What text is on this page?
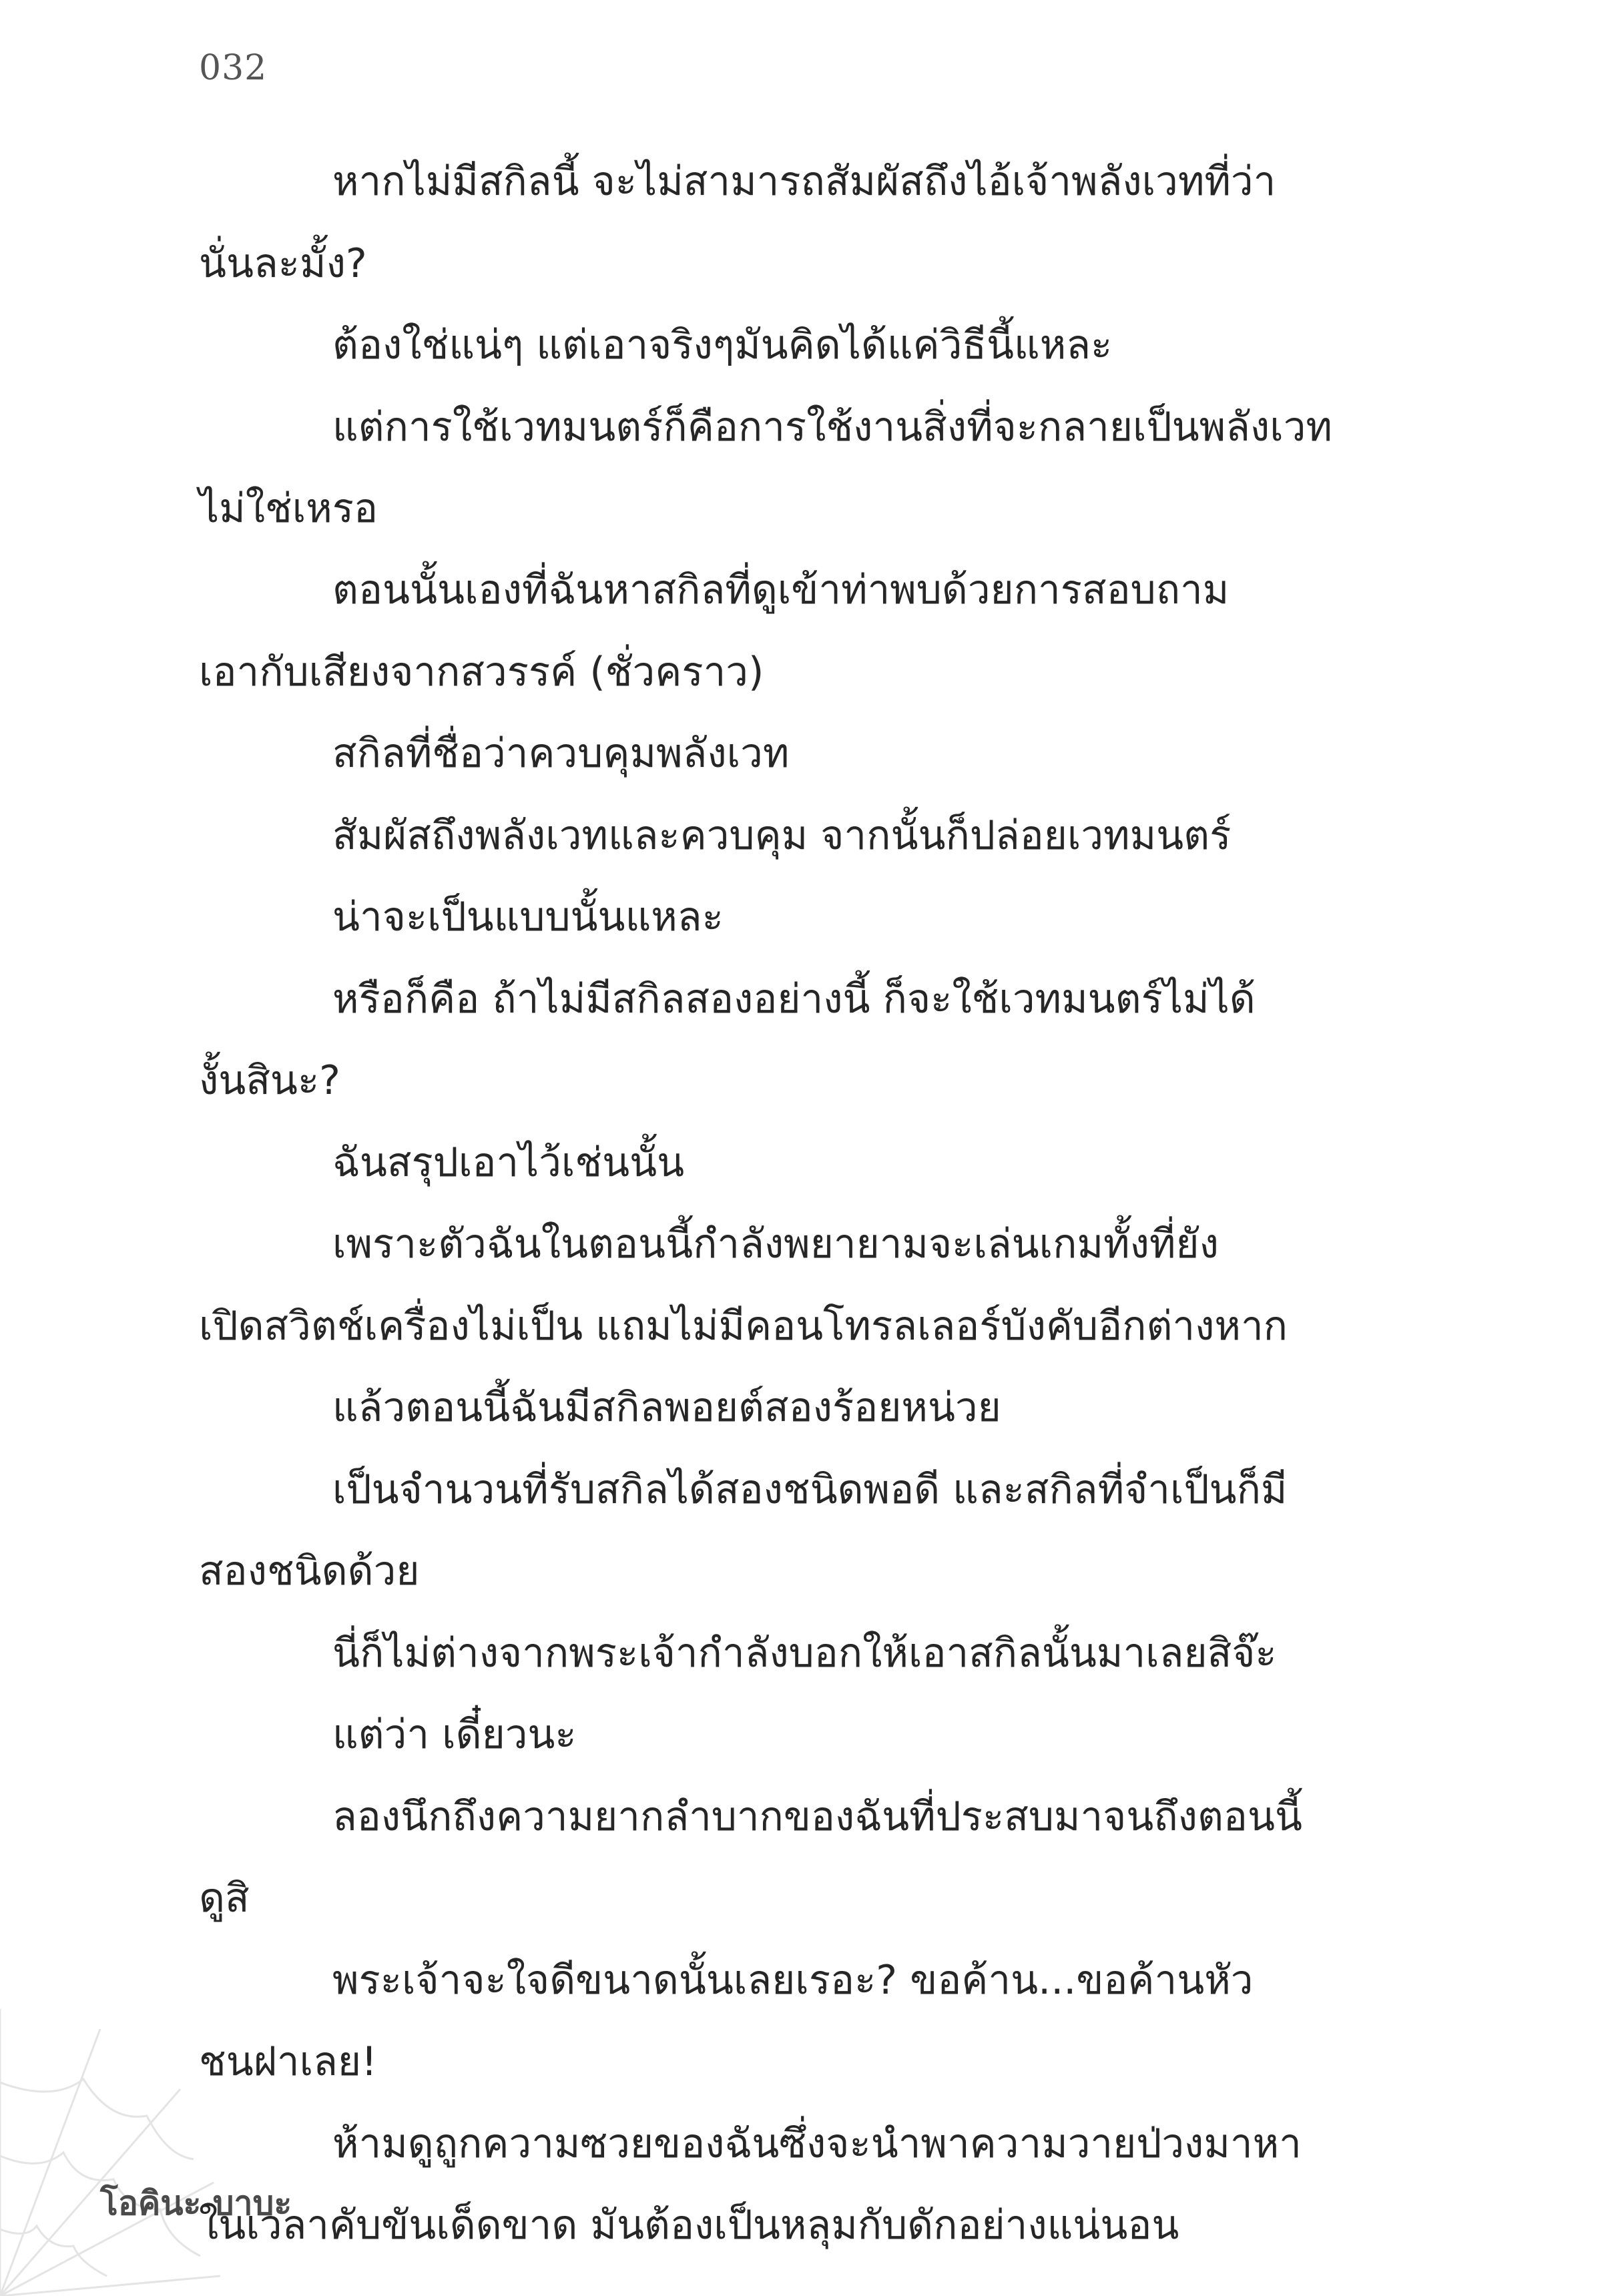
032
หากไม่มีสกิลนี้ จะไม่สามารถสัมผัสถึงไอ้เจ้าพลังเวทที่ว่า
นั่นละมั้ง?
ต้องใช่แน่ๆ แต่เอาจริงๆมันคิดได้แค่วิธีนี้แหละ
แต่การใช้เวทมนตร์ก็คือการใช้งานสิ่งที่จะกลายเป็นพลังเวท
ไม่ใช่เหรอ
ตอนนั้นเองที่ฉันหาสกิลที่ดูเข้าท่าพบด้วยการสอบถาม
เอากับเสียงจากสวรรค์ (ชั่วคราว)
สกิลที่ชื่อว่าควบคุมพลังเวท
สัมผัสถึงพลังเวทและควบคุม จากนั้นก็ปล่อยเวทมนตร์
น่าจะเป็นแบบนั้นแหละ
หรือก็คือ ถ้าไม่มีสกิลสองอย่างนี้ ก็จะใช้เวทมนตร์ไม่ได้
งั้นสินะ?
ฉันสรุปเอาไว้เช่นนั้น
เพราะตัวฉันในตอนนี้กำลังพยายามจะเล่นเกมทั้งที่ยัง
เปิดสวิตช์เครื่องไม่เป็น แถมไม่มีคอนโทรลเลอร์บังคับอีกต่างหาก
แล้วตอนนี้ฉันมีสกิลพอยต์สองร้อยหน่วย
เป็นจำนวนที่รับสกิลได้สองชนิดพอดี และสกิลที่จำเป็นก็มี
สองชนิดด้วย
นี่ก็ไม่ต่างจากพระเจ้ากำลังบอกให้เอาสกิลนั้นมาเลยสิจ๊ะ
แต่ว่า เดี๋ยวนะ
ลองนึกถึงความยากลำบากของฉันที่ประสบมาจนถึงตอนนี้
ดูสิ
พระเจ้าจะใจดีขนาดนั้นเลยเรอะ? ขอค้าน...ขอค้านหัว
ชนฝาเลย!
ห้ามดูถูกความซวยของฉันซึ่งจะนำพาความวายป่วงมาหา
ในเวลาคับขันเด็ดขาด มันต้องเป็นหลุมกับดักอย่างแน่นอน
โอคินะ บาบะ
